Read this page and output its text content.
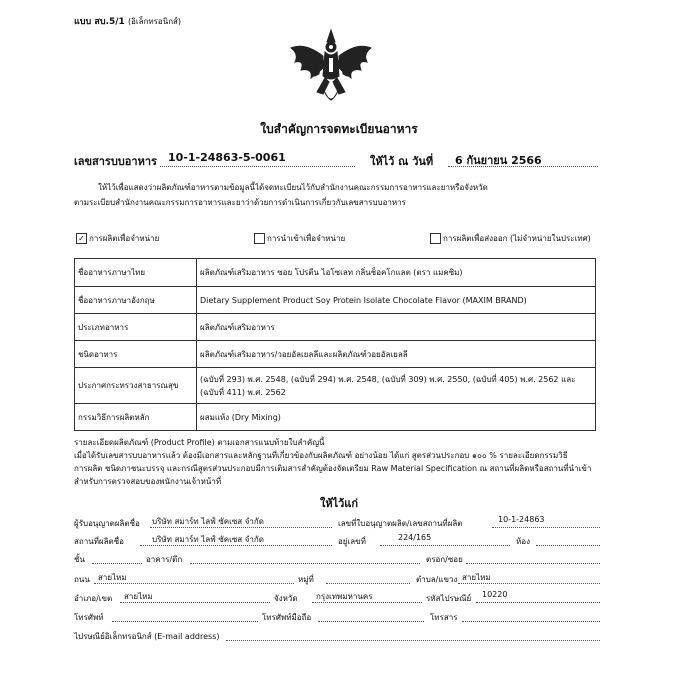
แบบ สบ.5/1 (อิเล็กทรอนิกส์)
ใบสำคัญการจดทะเบียนอาหาร
เลขสารบบอาหาร 10-1-24863-5-0061	ให้ไว้ ณ วันที่ 6 กันยายน 2566
ให้ไว้เพื่อแสดงว่าผลิตภัณฑ์อาหารตามข้อมูลนี้ได้จดทะเบียนไว้กับสำนักงานคณะกรรมการอาหารและยาหรือจังหวัด
ตามระเบียบสำนักงานคณะกรรมการอาหารและยาว่าด้วยการดำเนินการเกี่ยวกับเลขสารบบอาหาร
✓ การผลิตเพื่อจำหน่าย	การนำเข้าเพื่อจำหน่าย	การผลิตเพื่อส่งออก (ไม่จำหน่ายในประเทศ)
ชื่ออาหารภาษาไทย	ผลิตภัณฑ์เสริมอาหาร ซอย โปรตีน ไอโซเลท กลิ่นช็อคโกแลต (ตรา แมคซิม)
ชื่ออาหารภาษาอังกฤษ	Dietary Supplement Product Soy Protein Isolate Chocolate Flavor (MAXIM BRAND)
ประเภทอาหาร	ผลิตภัณฑ์เสริมอาหาร
ชนิดอาหาร	ผลิตภัณฑ์เสริมอาหาร/วอยอัลเยลลีและผลิตภัณฑ์วอยอัลเยลลี
ประกาศกระทรวงสาธารณสุข	(ฉบับที่ 293) พ.ศ. 2548, (ฉบับที่ 294) พ.ศ. 2548, (ฉบับที่ 309) พ.ศ. 2550, (ฉบับที่ 405) พ.ศ. 2562 และ (ฉบับที่ 411) พ.ศ. 2562
กรรมวิธีการผลิตหลัก	ผสมแห้ง (Dry Mixing)
รายละเอียดผลิตภัณฑ์ (Product Profile) ตามเอกสารแนบท้ายใบสำคัญนี้
เมื่อได้รับเลขสารบบอาหารแล้ว ต้องมีเอกสารและหลักฐานที่เกี่ยวข้องกับผลิตภัณฑ์ อย่างน้อย ได้แก่ สูตรส่วนประกอบ ๑๐๐ % รายละเอียดกรรมวิธี
การผลิต ชนิดภาชนะบรรจุ และกรณีสูตรส่วนประกอบมีการเติมสารสำคัญต้องจัดเตรียม Raw Material Specification ณ สถานที่ผลิตหรือสถานที่นำเข้า
สำหรับการตรวจสอบของพนักงานเจ้าหน้าที่
ให้ไว้แก่
ผู้รับอนุญาตผลิตชื่อ บริษัท สมาร์ท ไลฟ์ ซัคเซส จำกัด	เลขที่ใบอนุญาตผลิต/เลขสถานที่ผลิต	10-1-24863
สถานที่ผลิตชื่อ	บริษัท สมาร์ท ไลฟ์ ซัคเซส จำกัด	อยู่เลขที่	224/165	ห้อง
ชั้น	อาคาร/ตึก	ตรอก/ซอย
ถนน สายไหม	หมู่ที่	ตำบล/แขวง สายไหม
อำเภอ/เขต สายไหม	จังหวัด กรุงเทพมหานคร	รหัสไปรษณีย์ 10220
โทรศัพท์	โทรศัพท์มือถือ	โทรสาร
ไปรษณีย์อิเล็กทรอนิกส์ (E-mail address)
